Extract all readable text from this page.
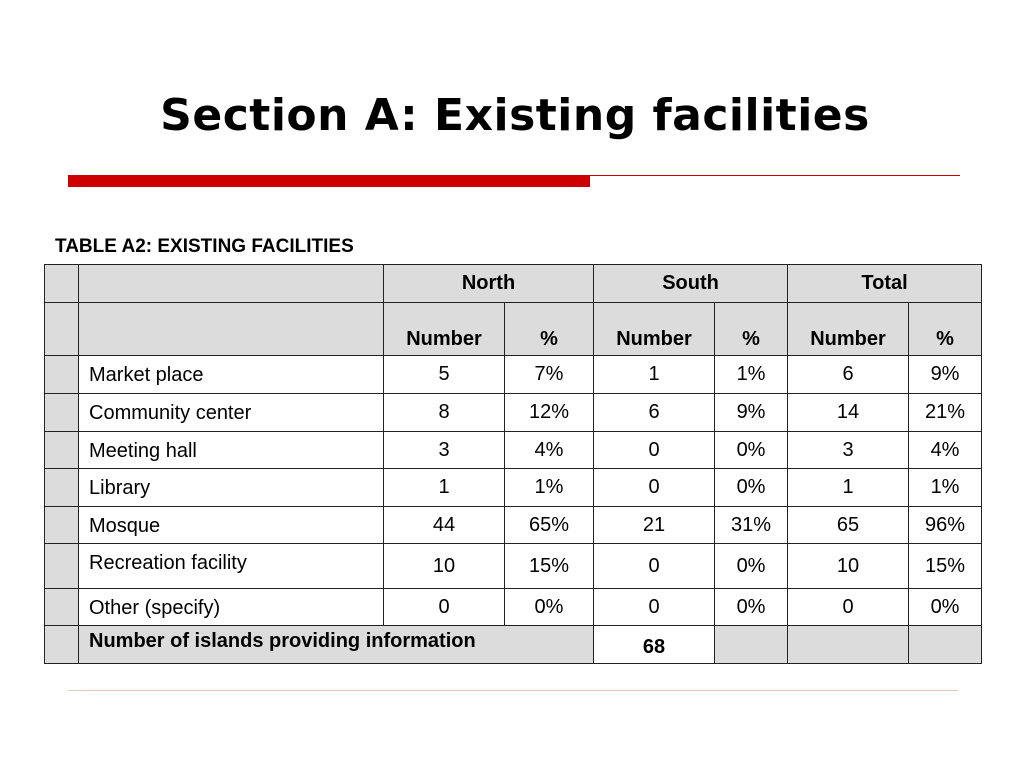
Section A: Existing facilities
TABLE A2: EXISTING FACILITIES
		North		South		Total	
		Number	%	Number	%	Number	%
	Market place	5	7%	1	1%	6	9%
	Community center	8	12%	6	9%	14	21%
	Meeting hall	3	4%	0	0%	3	4%
	Library	1	1%	0	0%	1	1%
	Mosque	44	65%	21	31%	65	96%
	Recreation facility	10	15%	0	0%	10	15%
	Other (specify)	0	0%	0	0%	0	0%
	Number of islands providing information			68			
